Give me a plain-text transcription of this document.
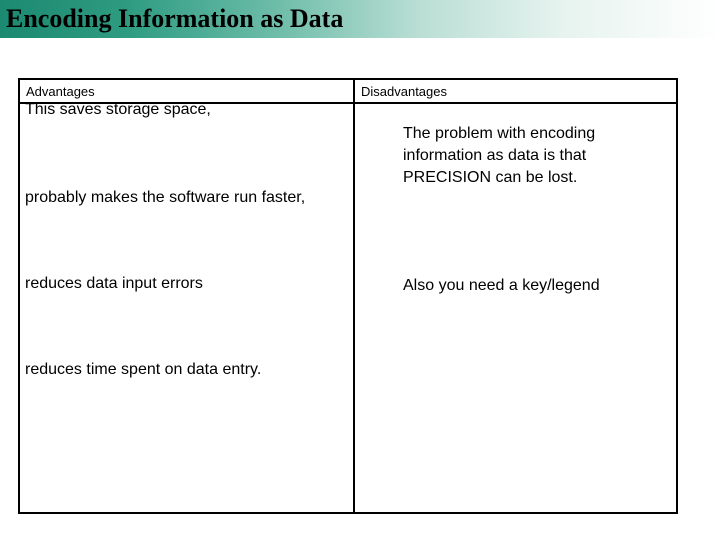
Encoding Information as Data
Advantages	Disadvantages
This saves storage space,
probably makes the software run faster,
reduces data input errors
reduces time spent on data entry.
The problem with encoding information as data is that PRECISION can be lost.
Also you need a key/legend
